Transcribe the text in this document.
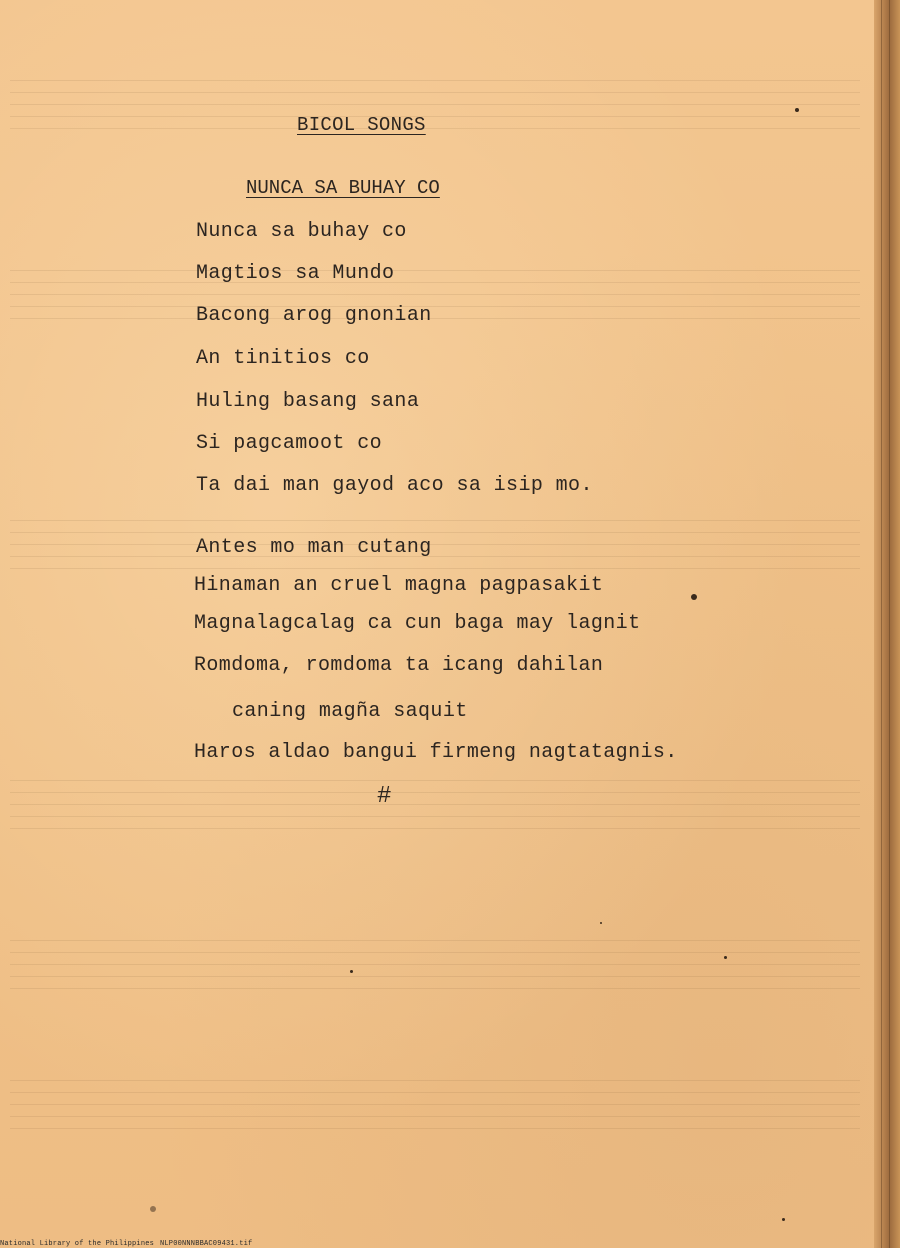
BICOL SONGS
NUNCA SA BUHAY CO
Nunca sa buhay co
Magtios sa Mundo
Bacong arog gnonian
An tinitios co
Huling basang sana
Si pagcamoot co
Ta dai man gayod aco sa isip mo.
Antes mo man cutang
Hinaman an cruel magna pagpasakit
Magnalagcalag ca cun baga may lagnit
Romdoma, romdoma ta icang dahilan
caning magña saquit
Haros aldao bangui firmeng nagtatagnis.
#
National Library of the Philippines NLP00NNNBBAC09431.tif
